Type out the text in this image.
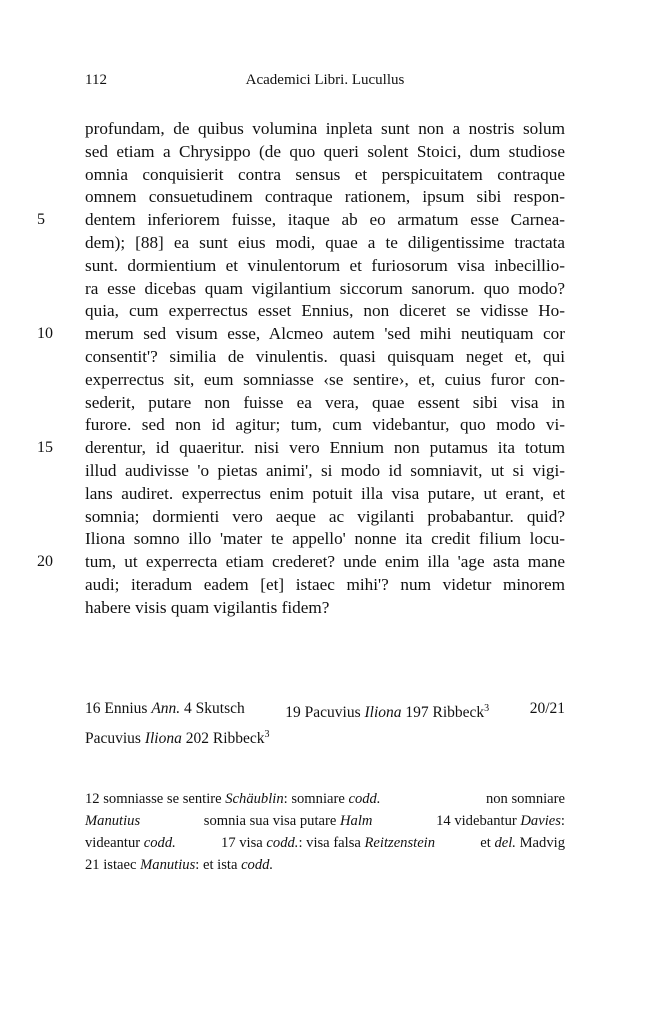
112	Academici Libri. Lucullus
profundam, de quibus volumina inpleta sunt non a nostris solum
sed etiam a Chrysippo (de quo queri solent Stoici, dum studiose
omnia conquisierit contra sensus et perspicuitatem contraque
omnem consuetudinem contraque rationem, ipsum sibi respon-
5	dentem inferiorem fuisse, itaque ab eo armatum esse Carnea-
dem); [88] ea sunt eius modi, quae a te diligentissime tractata
sunt. dormientium et vinulentorum et furiosorum visa inbecillio-
ra esse dicebas quam vigilantium siccorum sanorum. quo modo?
quia, cum experrectus esset Ennius, non diceret se vidisse Ho-
10	merum sed visum esse, Alcmeo autem 'sed mihi neutiquam cor
consentit'? similia de vinulentis. quasi quisquam neget et, qui
experrectus sit, eum somniasse ‹se sentire›, et, cuius furor con-
sederit, putare non fuisse ea vera, quae essent sibi visa in
furore. sed non id agitur; tum, cum videbantur, quo modo vi-
15	derentur, id quaeritur. nisi vero Ennium non putamus ita totum
illud audivisse 'o pietas animi', si modo id somniavit, ut si vigi-
lans audiret. experrectus enim potuit illa visa putare, ut erant, et
somnia; dormienti vero aeque ac vigilanti probabantur. quid?
Iliona somno illo 'mater te appello' nonne ita credit filium locu-
20	tum, ut experrecta etiam crederet? unde enim illa 'age asta mane
audi; iteradum eadem [et] istaec mihi'? num videtur minorem
habere visis quam vigilantis fidem?
16 Ennius Ann. 4 Skutsch	19 Pacuvius Iliona 197 Ribbeck$^3$	20/21
Pacuvius Iliona 202 Ribbeck$^3$
12 somniasse se sentire Schäublin: somniare codd.	non somniare
Manutius	somnia sua visa putare Halm	14 videbantur Davies:
videantur codd.	17 visa codd.: visa falsa Reitzenstein	et del. Madvig
21 istaec Manutius: et ista codd.
